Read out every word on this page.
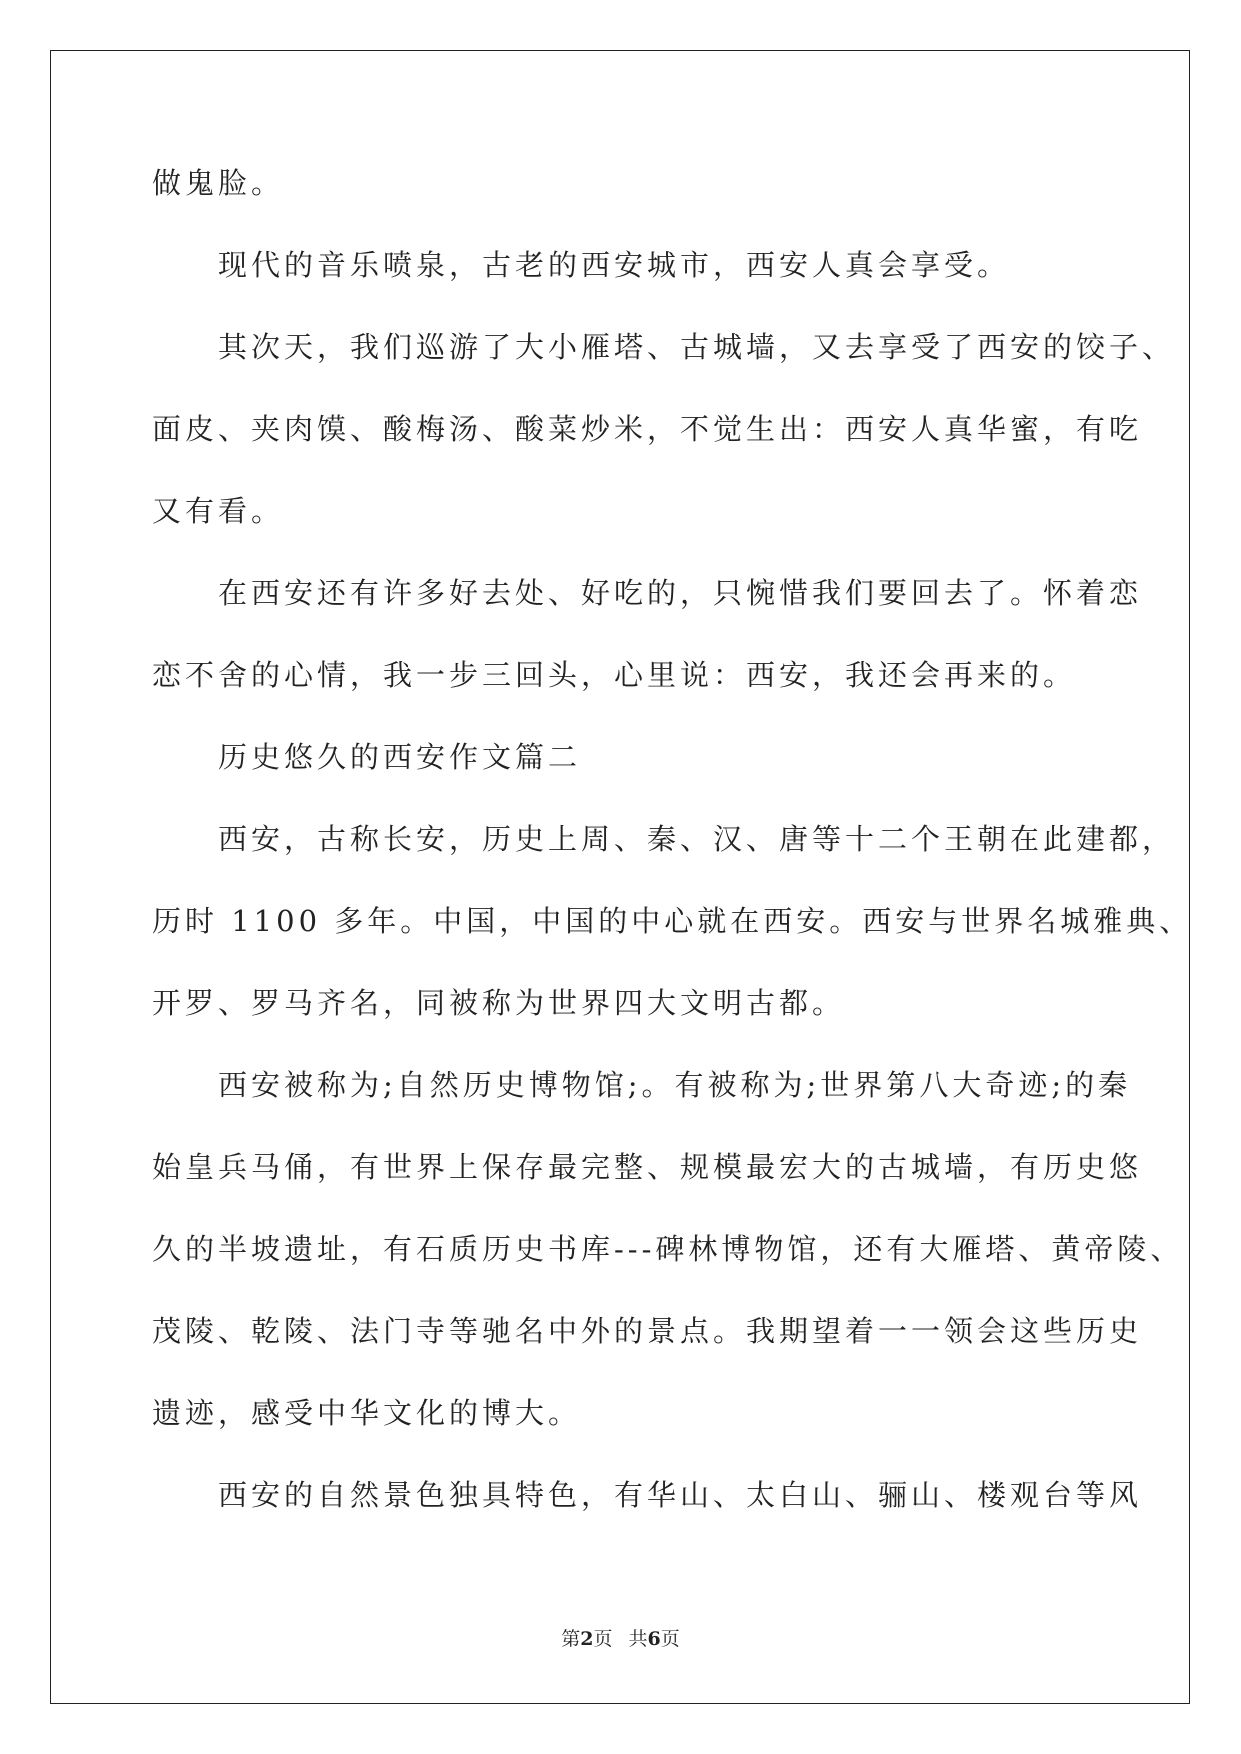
做鬼脸。
　　现代的音乐喷泉，古老的西安城市，西安人真会享受。
　　其次天，我们巡游了大小雁塔、古城墙，又去享受了西安的饺子、
面皮、夹肉馍、酸梅汤、酸菜炒米，不觉生出：西安人真华蜜，有吃
又有看。
　　在西安还有许多好去处、好吃的，只惋惜我们要回去了。怀着恋
恋不舍的心情，我一步三回头，心里说：西安，我还会再来的。
　　历史悠久的西安作文篇二
　　西安，古称长安，历史上周、秦、汉、唐等十二个王朝在此建都，
历时 1100 多年。中国，中国的中心就在西安。西安与世界名城雅典、
开罗、罗马齐名，同被称为世界四大文明古都。
　　西安被称为;自然历史博物馆;。有被称为;世界第八大奇迹;的秦
始皇兵马俑，有世界上保存最完整、规模最宏大的古城墙，有历史悠
久的半坡遗址，有石质历史书库---碑林博物馆，还有大雁塔、黄帝陵、
茂陵、乾陵、法门寺等驰名中外的景点。我期望着一一领会这些历史
遗迹，感受中华文化的博大。
　　西安的自然景色独具特色，有华山、太白山、骊山、楼观台等风
第2页 共6页
